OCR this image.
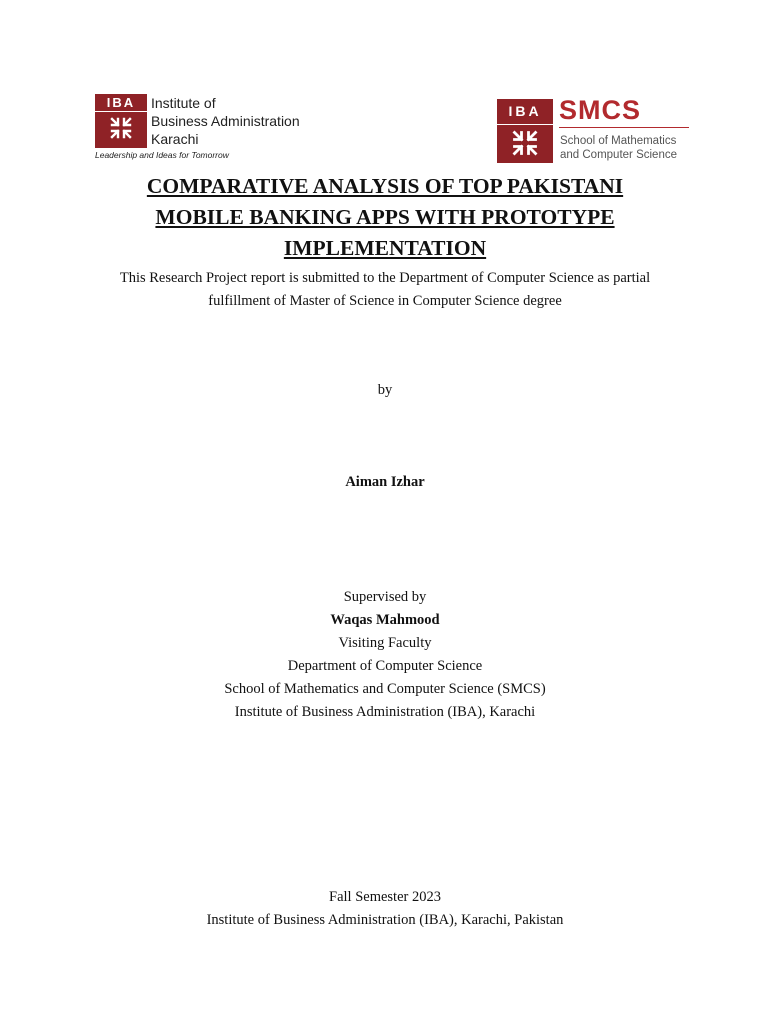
IBA	Institute of
Business Administration
Karachi
Leadership and Ideas for Tomorrow
IBA SMCS
School of Mathematics
and Computer Science
COMPARATIVE ANALYSIS OF TOP PAKISTANI
MOBILE BANKING APPS WITH PROTOTYPE
IMPLEMENTATION
This Research Project report is submitted to the Department of Computer Science as partial
fulfillment of Master of Science in Computer Science degree
by
Aiman Izhar
Supervised by
Waqas Mahmood
Visiting Faculty
Department of Computer Science
School of Mathematics and Computer Science (SMCS)
Institute of Business Administration (IBA), Karachi
Fall Semester 2023
Institute of Business Administration (IBA), Karachi, Pakistan
